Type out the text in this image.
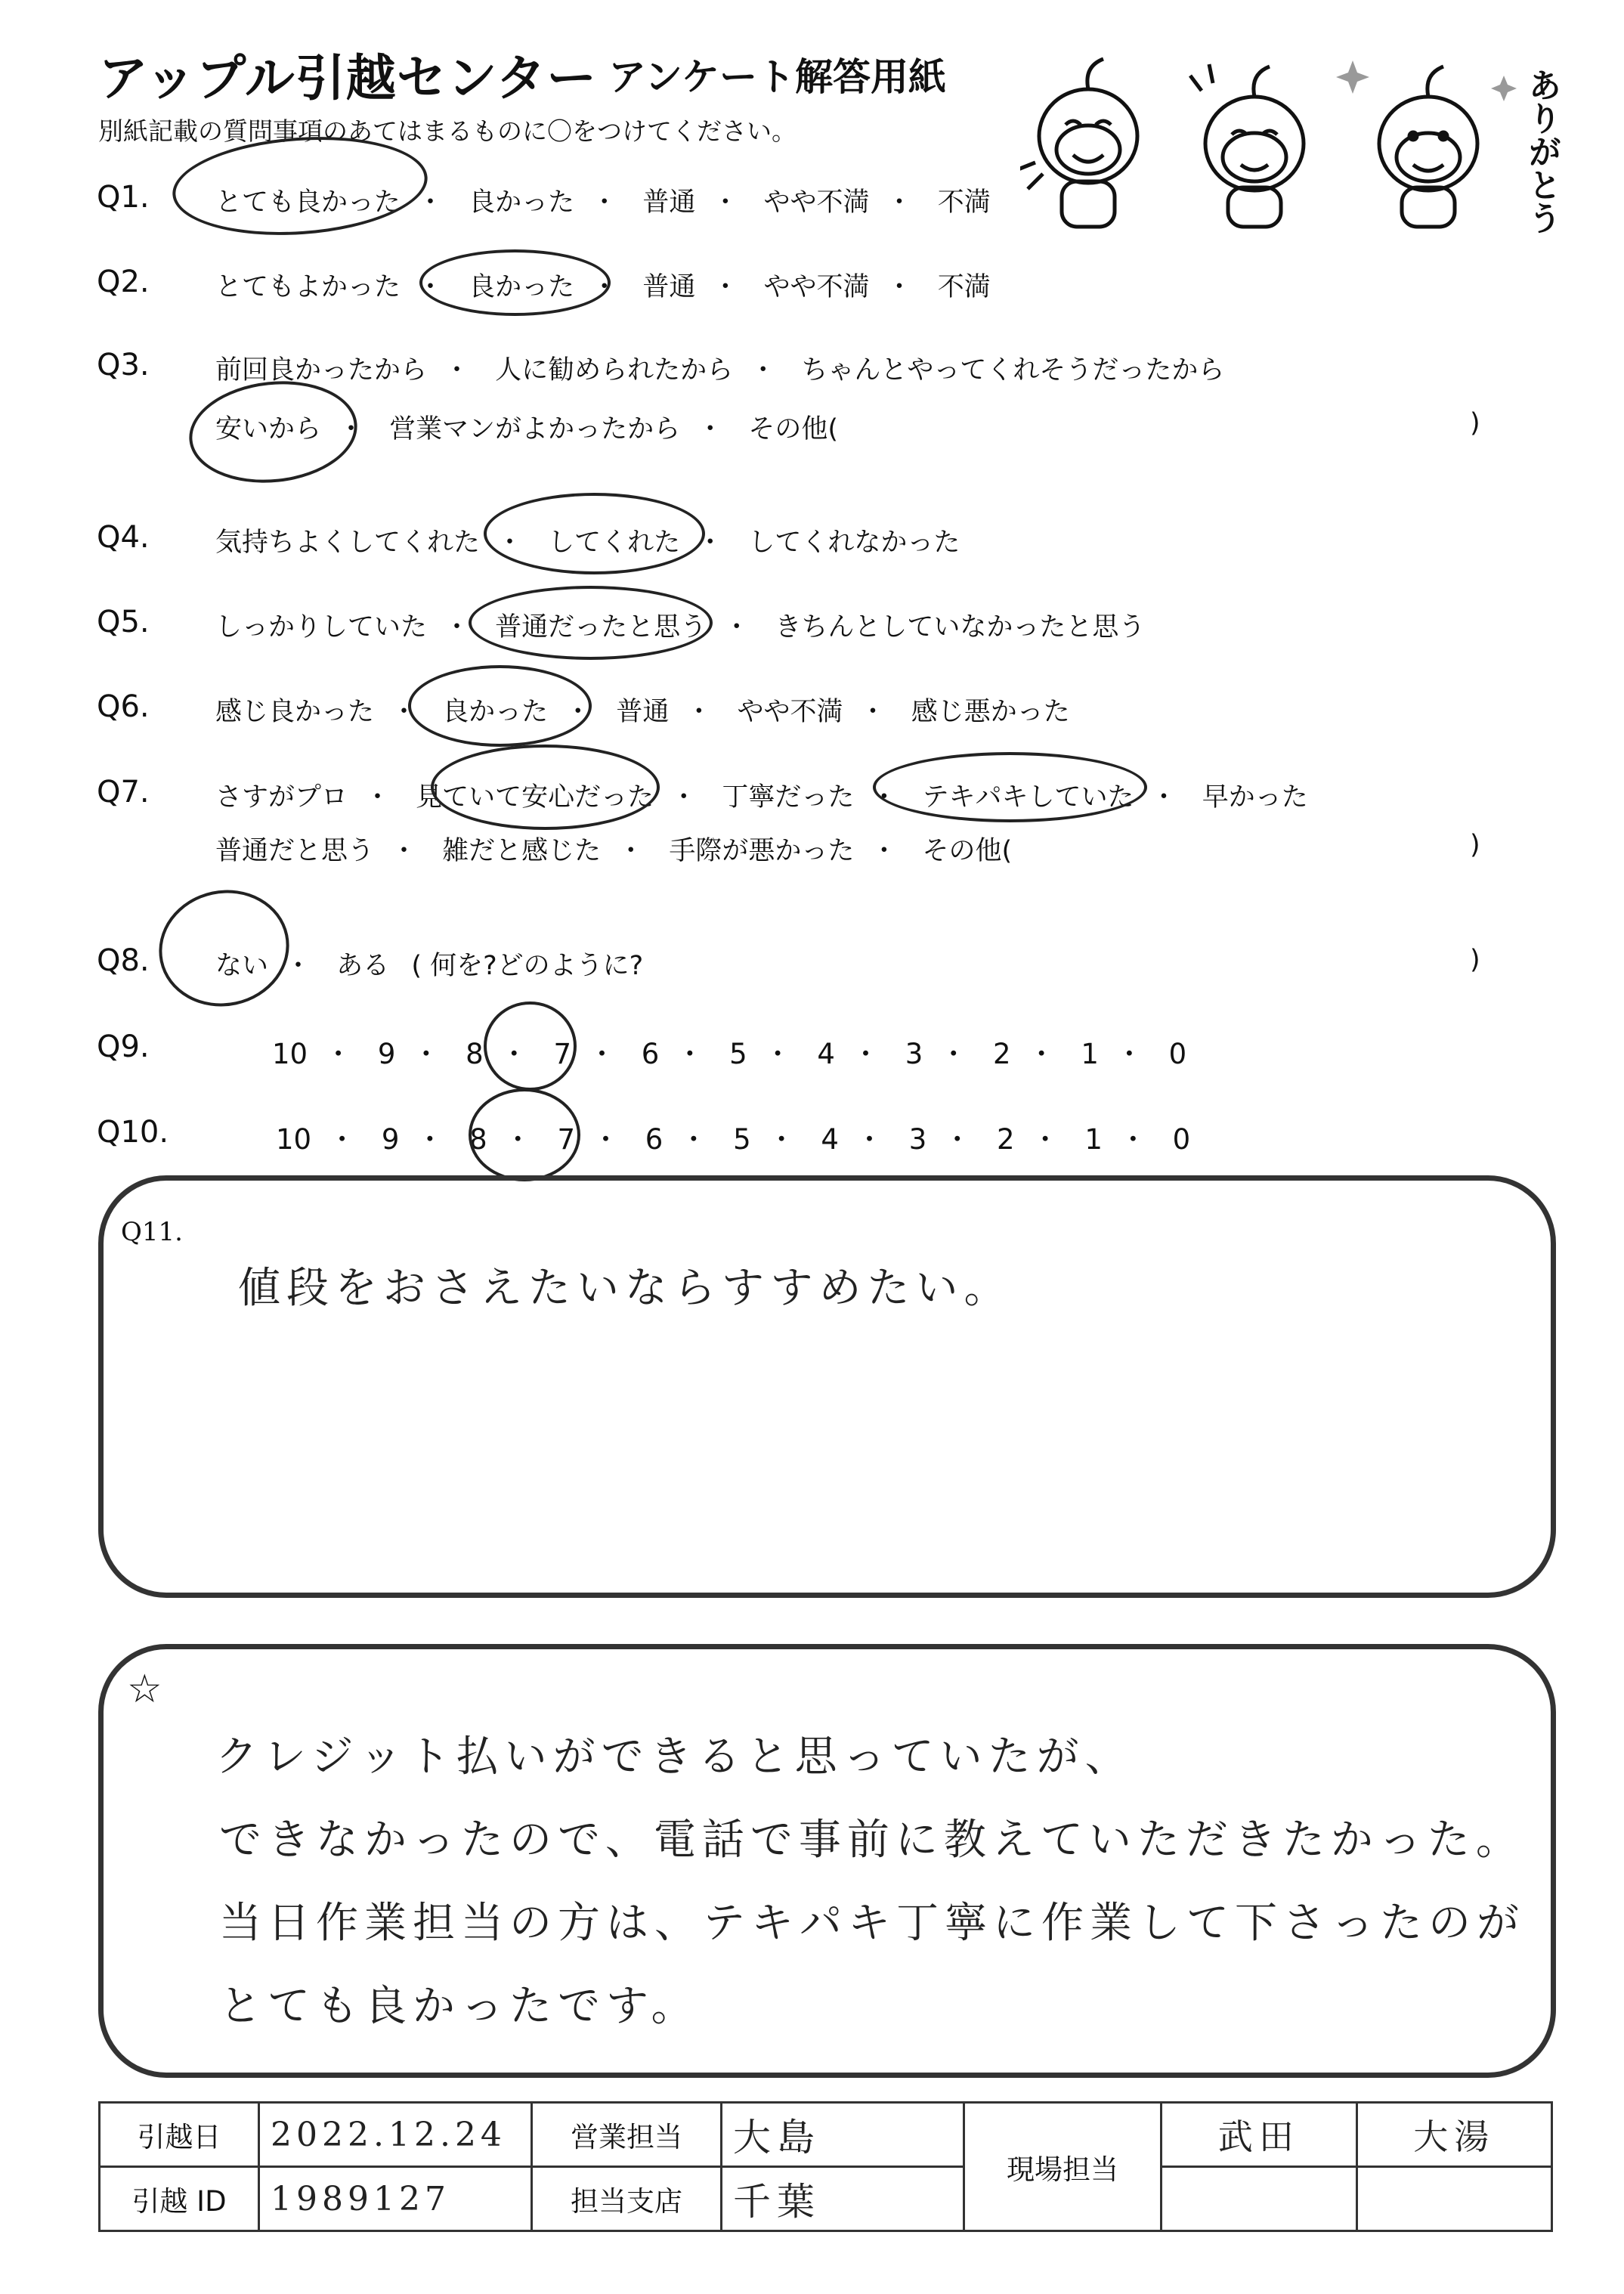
アップル引越センター アンケート解答用紙
別紙記載の質問事項のあてはまるものに〇をつけてください。	ありがとう
Q1. とても良かった ・ 良かった ・ 普通 ・ やや不満 ・ 不満
Q2. とてもよかった ・ 良かった ・ 普通 ・ やや不満 ・ 不満
Q3. 前回良かったから ・ 人に勧められたから ・ ちゃんとやってくれそうだったから
安いから ・ 営業マンがよかったから ・ その他(	)
Q4. 気持ちよくしてくれた ・ してくれた ・ してくれなかった
Q5. しっかりしていた ・ 普通だったと思う ・ きちんとしていなかったと思う
Q6. 感じ良かった ・ 良かった ・ 普通 ・ やや不満 ・ 感じ悪かった
Q7. さすがプロ ・ 見ていて安心だった ・ 丁寧だった ・ テキパキしていた ・ 早かった
普通だと思う ・ 雑だと感じた ・ 手際が悪かった ・ その他(	)
Q8. ない ・ ある ( 何を?どのように?	)
Q9.	10 ・ 9 ・ 8 ・ 7 ・ 6 ・ 5 ・ 4 ・ 3 ・ 2 ・ 1 ・ 0
Q10.	10 ・ 9 ・ 8 ・ 7 ・ 6 ・ 5 ・ 4 ・ 3 ・ 2 ・ 1 ・ 0
Q11.
値段をおさえたいならすすめたい。
☆
クレジット払いができると思っていたが、
できなかったので、電話で事前に教えていただきたかった。
当日作業担当の方は、テキパキ丁寧に作業して下さったのが
とても良かったです。
引越日	2022.12.24	営業担当	大島	現場担当	武田	大湯
引越 ID	1989127	担当支店	千葉			
